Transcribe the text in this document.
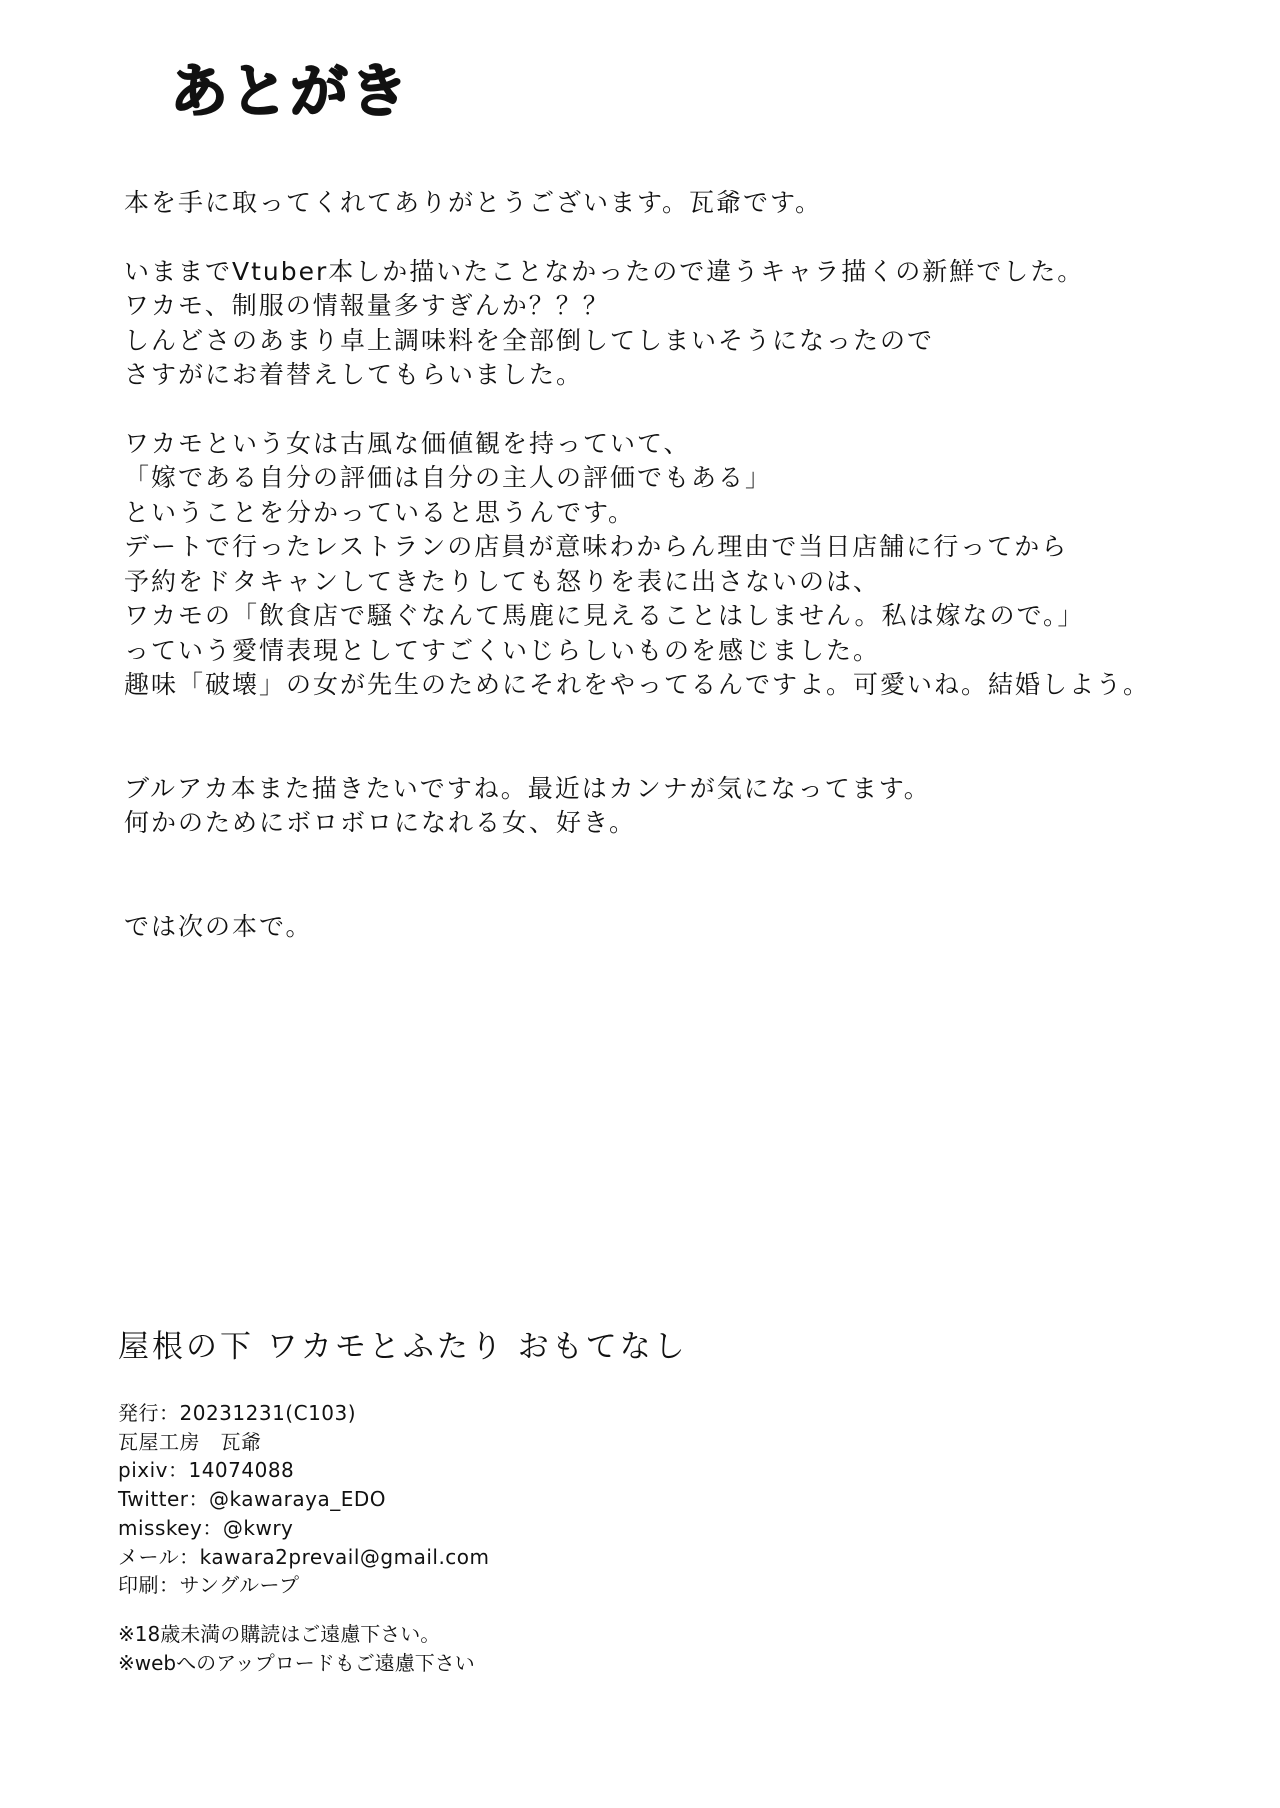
あとがき

本を手に取ってくれてありがとうございます。瓦爺です。

いままでVtuber本しか描いたことなかったので違うキャラ描くの新鮮でした。
ワカモ、制服の情報量多すぎんか？？？
しんどさのあまり卓上調味料を全部倒してしまいそうになったので
さすがにお着替えしてもらいました。

ワカモという女は古風な価値観を持っていて、
「嫁である自分の評価は自分の主人の評価でもある」
ということを分かっていると思うんです。
デートで行ったレストランの店員が意味わからん理由で当日店舗に行ってから
予約をドタキャンしてきたりしても怒りを表に出さないのは、
ワカモの「飲食店で騒ぐなんて馬鹿に見えることはしません。私は嫁なので。」
っていう愛情表現としてすごくいじらしいものを感じました。
趣味「破壊」の女が先生のためにそれをやってるんですよ。可愛いね。結婚しよう。

ブルアカ本また描きたいですね。最近はカンナが気になってます。
何かのためにボロボロになれる女、好き。

では次の本で。

屋根の下 ワカモとふたり おもてなし
発行：20231231(C103)
瓦屋工房　瓦爺
pixiv：14074088
Twitter：@kawaraya_EDO
misskey：@kwry
メール：kawara2prevail@gmail.com
印刷：サングループ
※18歳未満の購読はご遠慮下さい。
※webへのアップロードもご遠慮下さい
